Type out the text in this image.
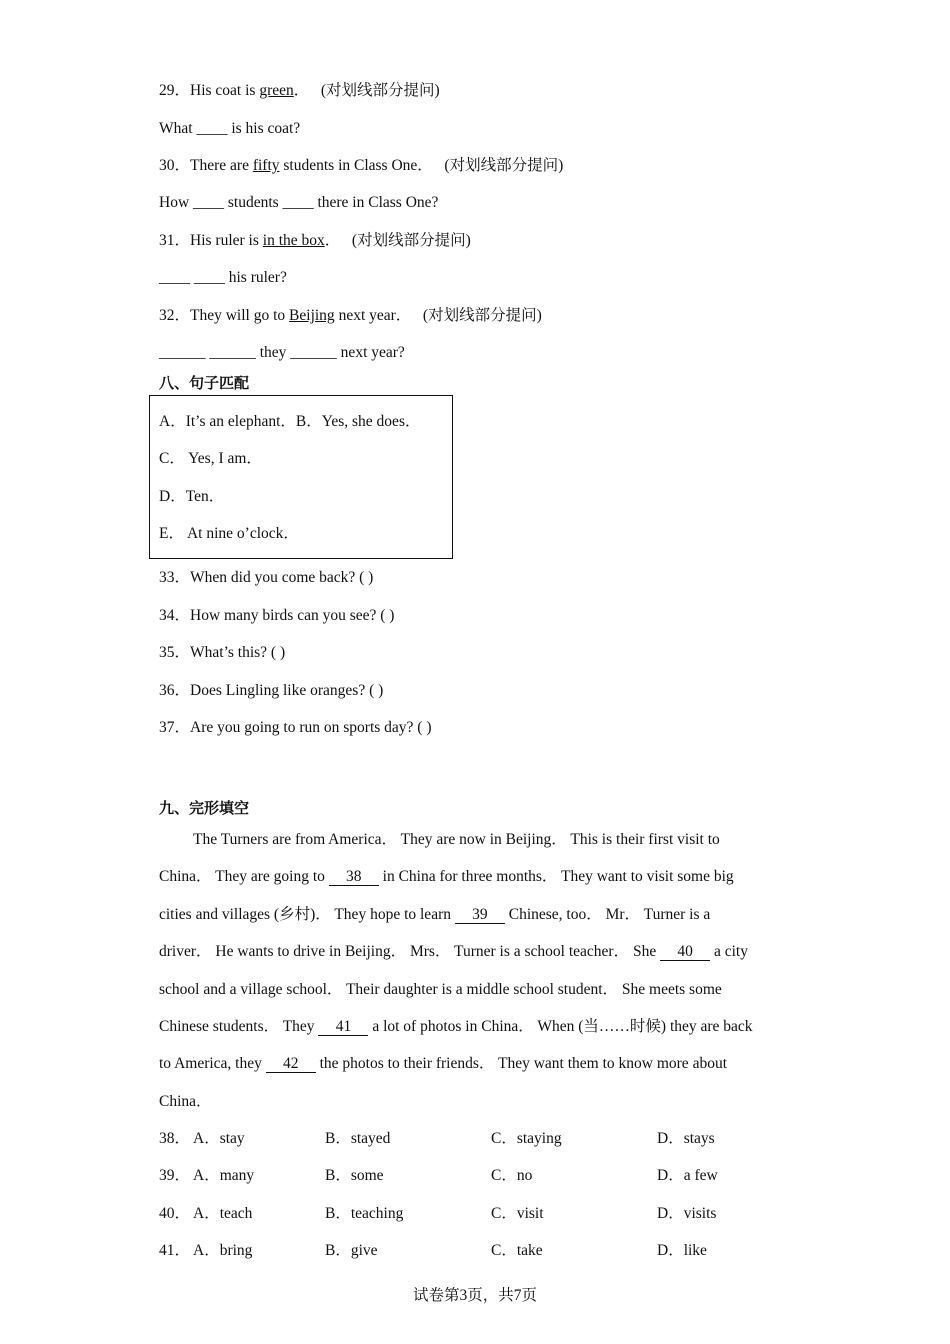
29．His coat is green． (对划线部分提问)
What ____ is his coat?
30．There are fifty students in Class One． (对划线部分提问)
How ____ students ____ there in Class One?
31．His ruler is in the box． (对划线部分提问)
____ ____ his ruler?
32．They will go to Beijing next year． (对划线部分提问)
______ ______ they ______ next year?
八、句子匹配
A．It’s an elephant．B．Yes, she does．
C． Yes, I am．
D．Ten．
E． At nine o’clock．
33．When did you come back? ( )
34．How many birds can you see? ( )
35．What’s this? ( )
36．Does Lingling like oranges? ( )
37．Are you going to run on sports day? ( )
九、完形填空
The Turners are from America． They are now in Beijing． This is their first visit to
China． They are going to 38 in China for three months． They want to visit some big
cities and villages (乡村)． They hope to learn 39 Chinese, too． Mr． Turner is a
driver． He wants to drive in Beijing． Mrs． Turner is a school teacher． She 40 a city
school and a village school． Their daughter is a middle school student． She meets some
Chinese students． They 41 a lot of photos in China． When (当……时候) they are back
to America, they 42 the photos to their friends． They want them to know more about
China．
38． A．stay	B．stayed	C．staying	D．stays
39． A．many	B．some	C．no	D．a few
40． A．teach	B．teaching	C．visit	D．visits
41． A．bring	B．give	C．take	D．like
试卷第3页，共7页
